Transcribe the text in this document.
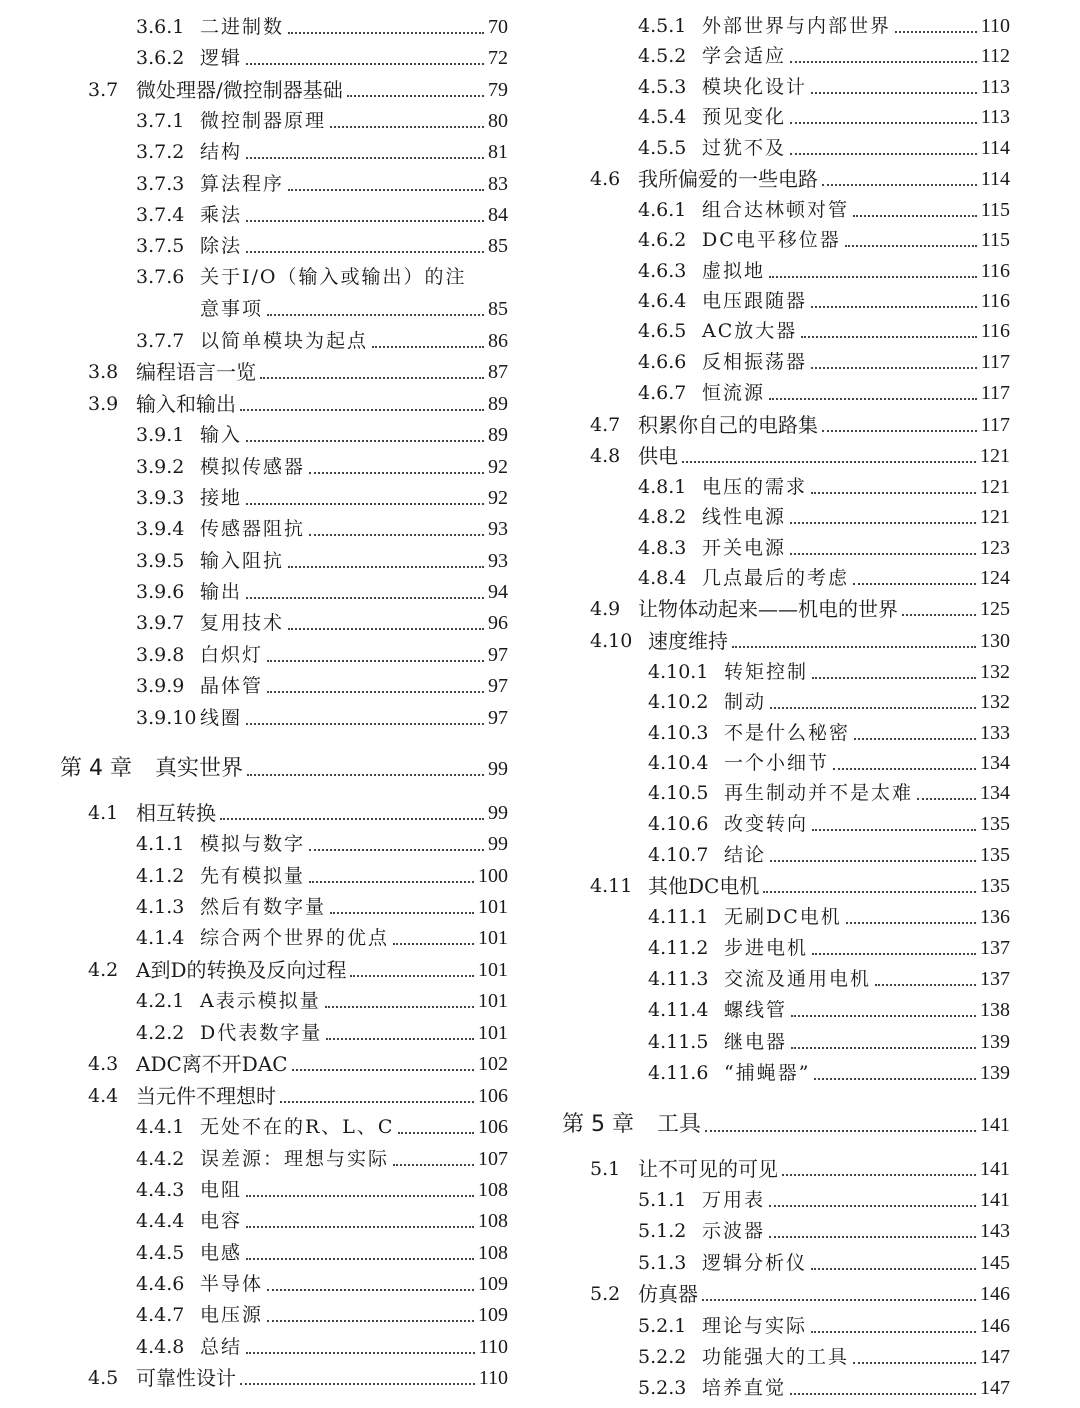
3.6.1 二进制数	70
3.6.2 逻辑	72
3.7 微处理器/微控制器基础	79
3.7.1 微控制器原理	80
3.7.2 结构	81
3.7.3 算法程序	83
3.7.4 乘法	84
3.7.5 除法	85
3.7.6 关于I/O（输入或输出）的注
意事项	85
3.7.7 以简单模块为起点	86
3.8 编程语言一览	87
3.9 输入和输出	89
3.9.1 输入	89
3.9.2 模拟传感器	92
3.9.3 接地	92
3.9.4 传感器阻抗	93
3.9.5 输入阻抗	93
3.9.6 输出	94
3.9.7 复用技术	96
3.9.8 白炽灯	97
3.9.9 晶体管	97
3.9.10 线圈	97
第 4 章 真实世界	99
4.1 相互转换	99
4.1.1 模拟与数字	99
4.1.2 先有模拟量	100
4.1.3 然后有数字量	101
4.1.4 综合两个世界的优点	101
4.2 A到D的转换及反向过程	101
4.2.1 A表示模拟量	101
4.2.2 D代表数字量	101
4.3 ADC离不开DAC	102
4.4 当元件不理想时	106
4.4.1 无处不在的R、L、C	106
4.4.2 误差源：理想与实际	107
4.4.3 电阻	108
4.4.4 电容	108
4.4.5 电感	108
4.4.6 半导体	109
4.4.7 电压源	109
4.4.8 总结	110
4.5 可靠性设计	110
4.5.1 外部世界与内部世界	110
4.5.2 学会适应	112
4.5.3 模块化设计	113
4.5.4 预见变化	113
4.5.5 过犹不及	114
4.6 我所偏爱的一些电路	114
4.6.1 组合达林顿对管	115
4.6.2 DC电平移位器	115
4.6.3 虚拟地	116
4.6.4 电压跟随器	116
4.6.5 AC放大器	116
4.6.6 反相振荡器	117
4.6.7 恒流源	117
4.7 积累你自己的电路集	117
4.8 供电	121
4.8.1 电压的需求	121
4.8.2 线性电源	121
4.8.3 开关电源	123
4.8.4 几点最后的考虑	124
4.9 让物体动起来——机电的世界	125
4.10 速度维持	130
4.10.1 转矩控制	132
4.10.2 制动	132
4.10.3 不是什么秘密	133
4.10.4 一个小细节	134
4.10.5 再生制动并不是太难	134
4.10.6 改变转向	135
4.10.7 结论	135
4.11 其他DC电机	135
4.11.1 无刷DC电机	136
4.11.2 步进电机	137
4.11.3 交流及通用电机	137
4.11.4 螺线管	138
4.11.5 继电器	139
4.11.6 “捕蝇器”	139
第 5 章 工具	141
5.1 让不可见的可见	141
5.1.1 万用表	141
5.1.2 示波器	143
5.1.3 逻辑分析仪	145
5.2 仿真器	146
5.2.1 理论与实际	146
5.2.2 功能强大的工具	147
5.2.3 培养直觉	147
